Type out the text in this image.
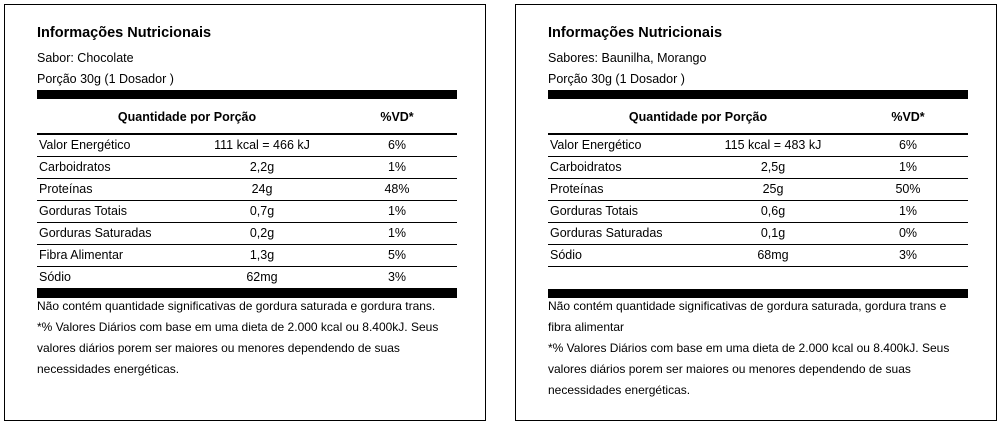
Informações Nutricionais
Sabor: Chocolate
Porção 30g (1 Dosador )
Quantidade por Porção	%VD*
Valor Energético	111 kcal = 466 kJ	6%
Carboidratos	2,2g	1%
Proteínas	24g	48%
Gorduras Totais	0,7g	1%
Gorduras Saturadas	0,2g	1%
Fibra Alimentar	1,3g	5%
Sódio	62mg	3%

Não contém quantidade significativas de gordura saturada e gordura trans.

*% Valores Diários com base em uma dieta de 2.000 kcal ou 8.400kJ. Seus valores diários porem ser maiores ou menores dependendo de suas necessidades energéticas.

Informações Nutricionais
Sabores: Baunilha, Morango
Porção 30g (1 Dosador )
Quantidade por Porção	%VD*
Valor Energético	115 kcal = 483 kJ	6%
Carboidratos	2,5g	1%
Proteínas	25g	50%
Gorduras Totais	0,6g	1%
Gorduras Saturadas	0,1g	0%
Sódio	68mg	3%

Não contém quantidade significativas de gordura saturada, gordura trans e fibra alimentar

*% Valores Diários com base em uma dieta de 2.000 kcal ou 8.400kJ. Seus valores diários porem ser maiores ou menores dependendo de suas necessidades energéticas.
